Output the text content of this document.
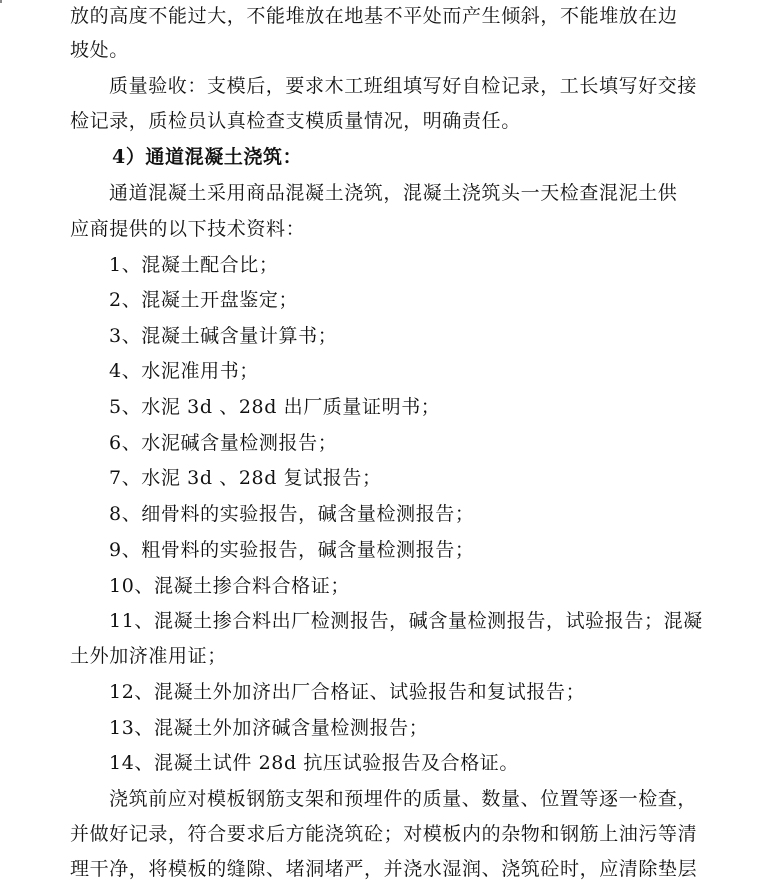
放的高度不能过大，不能堆放在地基不平处而产生倾斜，不能堆放在边
坡处。
质量验收：支模后，要求木工班组填写好自检记录，工长填写好交接
检记录，质检员认真检查支模质量情况，明确责任。
4）通道混凝土浇筑：
通道混凝土采用商品混凝土浇筑，混凝土浇筑头一天检查混泥土供
应商提供的以下技术资料：
1、混凝土配合比；
2、混凝土开盘鉴定；
3、混凝土碱含量计算书；
4、水泥准用书；
5、水泥 3d 、28d 出厂质量证明书；
6、水泥碱含量检测报告；
7、水泥 3d 、28d 复试报告；
8、细骨料的实验报告，碱含量检测报告；
9、粗骨料的实验报告，碱含量检测报告；
10、混凝土掺合料合格证；
11、混凝土掺合料出厂检测报告，碱含量检测报告，试验报告；混凝
土外加济准用证；
12、混凝土外加济出厂合格证、试验报告和复试报告；
13、混凝土外加济碱含量检测报告；
14、混凝土试件 28d 抗压试验报告及合格证。
浇筑前应对模板钢筋支架和预埋件的质量、数量、位置等逐一检查，
并做好记录，符合要求后方能浇筑砼；对模板内的杂物和钢筋上油污等清
理干净，将模板的缝隙、堵洞堵严，并浇水湿润、浇筑砼时，应清除垫层
